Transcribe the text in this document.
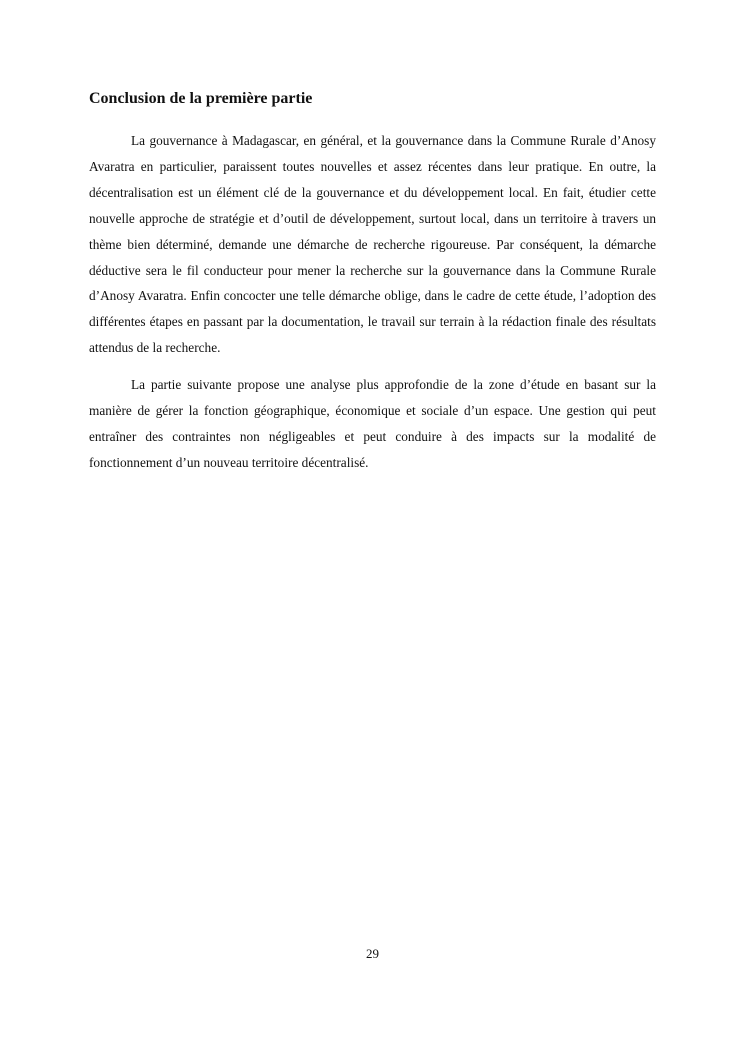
Conclusion de la première partie

La gouvernance à Madagascar, en général, et la gouvernance dans la Commune Rurale d’Anosy Avaratra en particulier, paraissent toutes nouvelles et assez récentes dans leur pratique. En outre, la décentralisation est un élément clé de la gouvernance et du développement local. En fait, étudier cette nouvelle approche de stratégie et d’outil de développement, surtout local, dans un territoire à travers un thème bien déterminé, demande une démarche de recherche rigoureuse. Par conséquent, la démarche déductive sera le fil conducteur pour mener la recherche sur la gouvernance dans la Commune Rurale d’Anosy Avaratra. Enfin concocter une telle démarche oblige, dans le cadre de cette étude, l’adoption des différentes étapes en passant par la documentation, le travail sur terrain à la rédaction finale des résultats attendus de la recherche.

La partie suivante propose une analyse plus approfondie de la zone d’étude en basant sur la manière de gérer la fonction géographique, économique et sociale d’un espace. Une gestion qui peut entraîner des contraintes non négligeables et peut conduire à des impacts sur la modalité de fonctionnement d’un nouveau territoire décentralisé.

29
